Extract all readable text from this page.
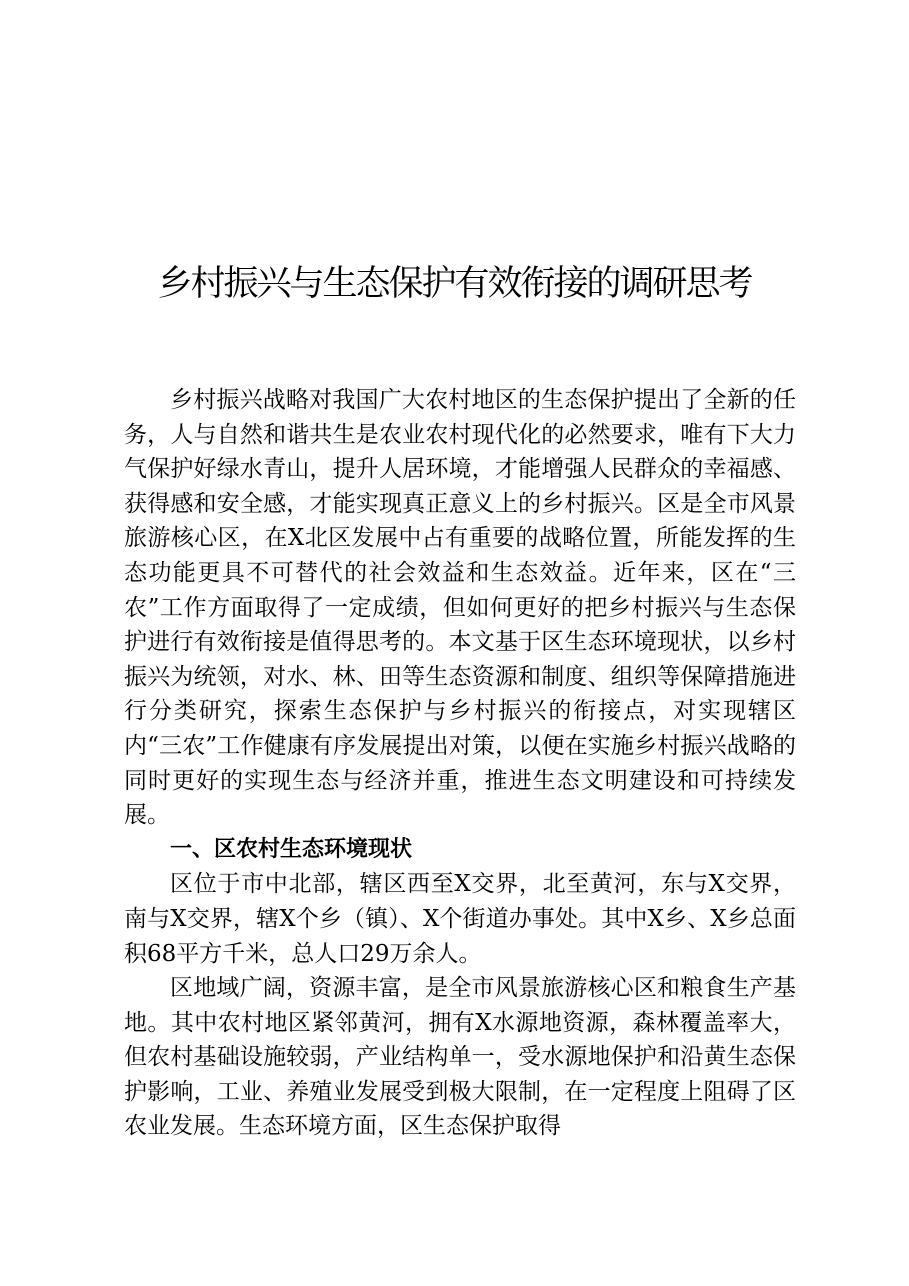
乡村振兴与生态保护有效衔接的调研思考

乡村振兴战略对我国广大农村地区的生态保护提出了全新的任务，人与自然和谐共生是农业农村现代化的必然要求，唯有下大力气保护好绿水青山，提升人居环境，才能增强人民群众的幸福感、获得感和安全感，才能实现真正意义上的乡村振兴。区是全市风景旅游核心区，在X北区发展中占有重要的战略位置，所能发挥的生态功能更具不可替代的社会效益和生态效益。近年来，区在“三农”工作方面取得了一定成绩，但如何更好的把乡村振兴与生态保护进行有效衔接是值得思考的。本文基于区生态环境现状，以乡村振兴为统领，对水、林、田等生态资源和制度、组织等保障措施进行分类研究，探索生态保护与乡村振兴的衔接点，对实现辖区内“三农”工作健康有序发展提出对策，以便在实施乡村振兴战略的同时更好的实现生态与经济并重，推进生态文明建设和可持续发展。

一、区农村生态环境现状

区位于市中北部，辖区西至X交界，北至黄河，东与X交界，南与X交界，辖X个乡（镇）、X个街道办事处。其中X乡、X乡总面积68平方千米，总人口29万余人。

区地域广阔，资源丰富，是全市风景旅游核心区和粮食生产基地。其中农村地区紧邻黄河，拥有X水源地资源，森林覆盖率大，但农村基础设施较弱，产业结构单一，受水源地保护和沿黄生态保护影响，工业、养殖业发展受到极大限制，在一定程度上阻碍了区农业发展。生态环境方面，区生态保护取得
